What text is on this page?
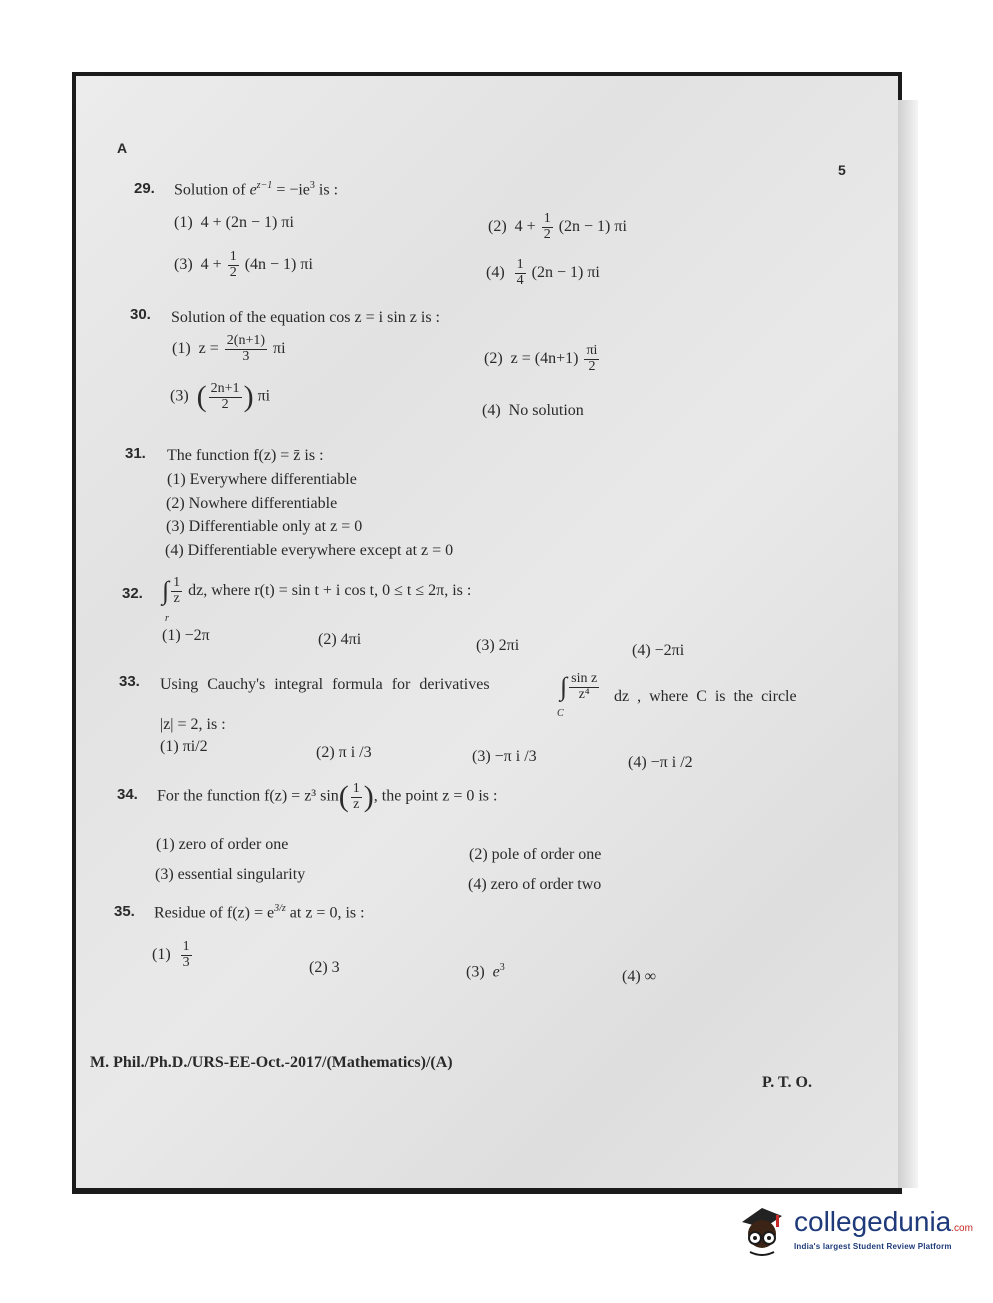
A
5
29. Solution of $e^{z-1} = -ie^3$ is :
(1) 4 + (2n − 1) πi	(2) $4 + \frac{1}{2} (2n - 1)$ πi
(3) $4 + \frac{1}{2} (4n - 1)$ πi	$(4) \frac{1}{4} (2n - 1)$ πi
30. Solution of the equation cos z = i sin z is :
(1) $z = \frac{2(n+1)}{3}$ πi
(2) $z = (4n+1) \frac{\pi i}{2}$
(3) ( $\frac{2n+1}{2}$ ) πi
(4) No solution
31. The function f(z) = z̄ is :
(1) Everywhere differentiable
(2) Nowhere differentiable
(3) Differentiable only at z = 0
(4) Differentiable everywhere except at z = 0
32. ∫ $\frac{1}{z}$ dz, where r(t) = sin t + i cos t, 0 ≤ t ≤ 2π, is :
r
(1) −2π	(2) 4πi	(3) 2πi	(4) −2πi
33. Using Cauchy's integral formula for derivatives	∫ $\frac{\text{sin z}}{\text{z⁴}}$
C
dz , where C is the circle
|z| = 2, is :
(1) πi/2	(2) π i /3	(3) −π i /3	(4) −π i /2
34. For the function f(z) = z³ $\sin( \frac{1}{z}$ ), the point z = 0 is :
(1) zero of order one
(2) pole of order one
(3) essential singularity
(4) zero of order two
35. Residue of $f(z) = e^{3/z}$ at z = 0, is :
$(1) \frac{1}{3}$	(2) 3	(3) $e^3$
(4) ∞
M. Phil./Ph.D./URS-EE-Oct.-2017/(Mathematics)/(A)
P. T. O.
collegedunia.com
India's largest Student Review Platform
